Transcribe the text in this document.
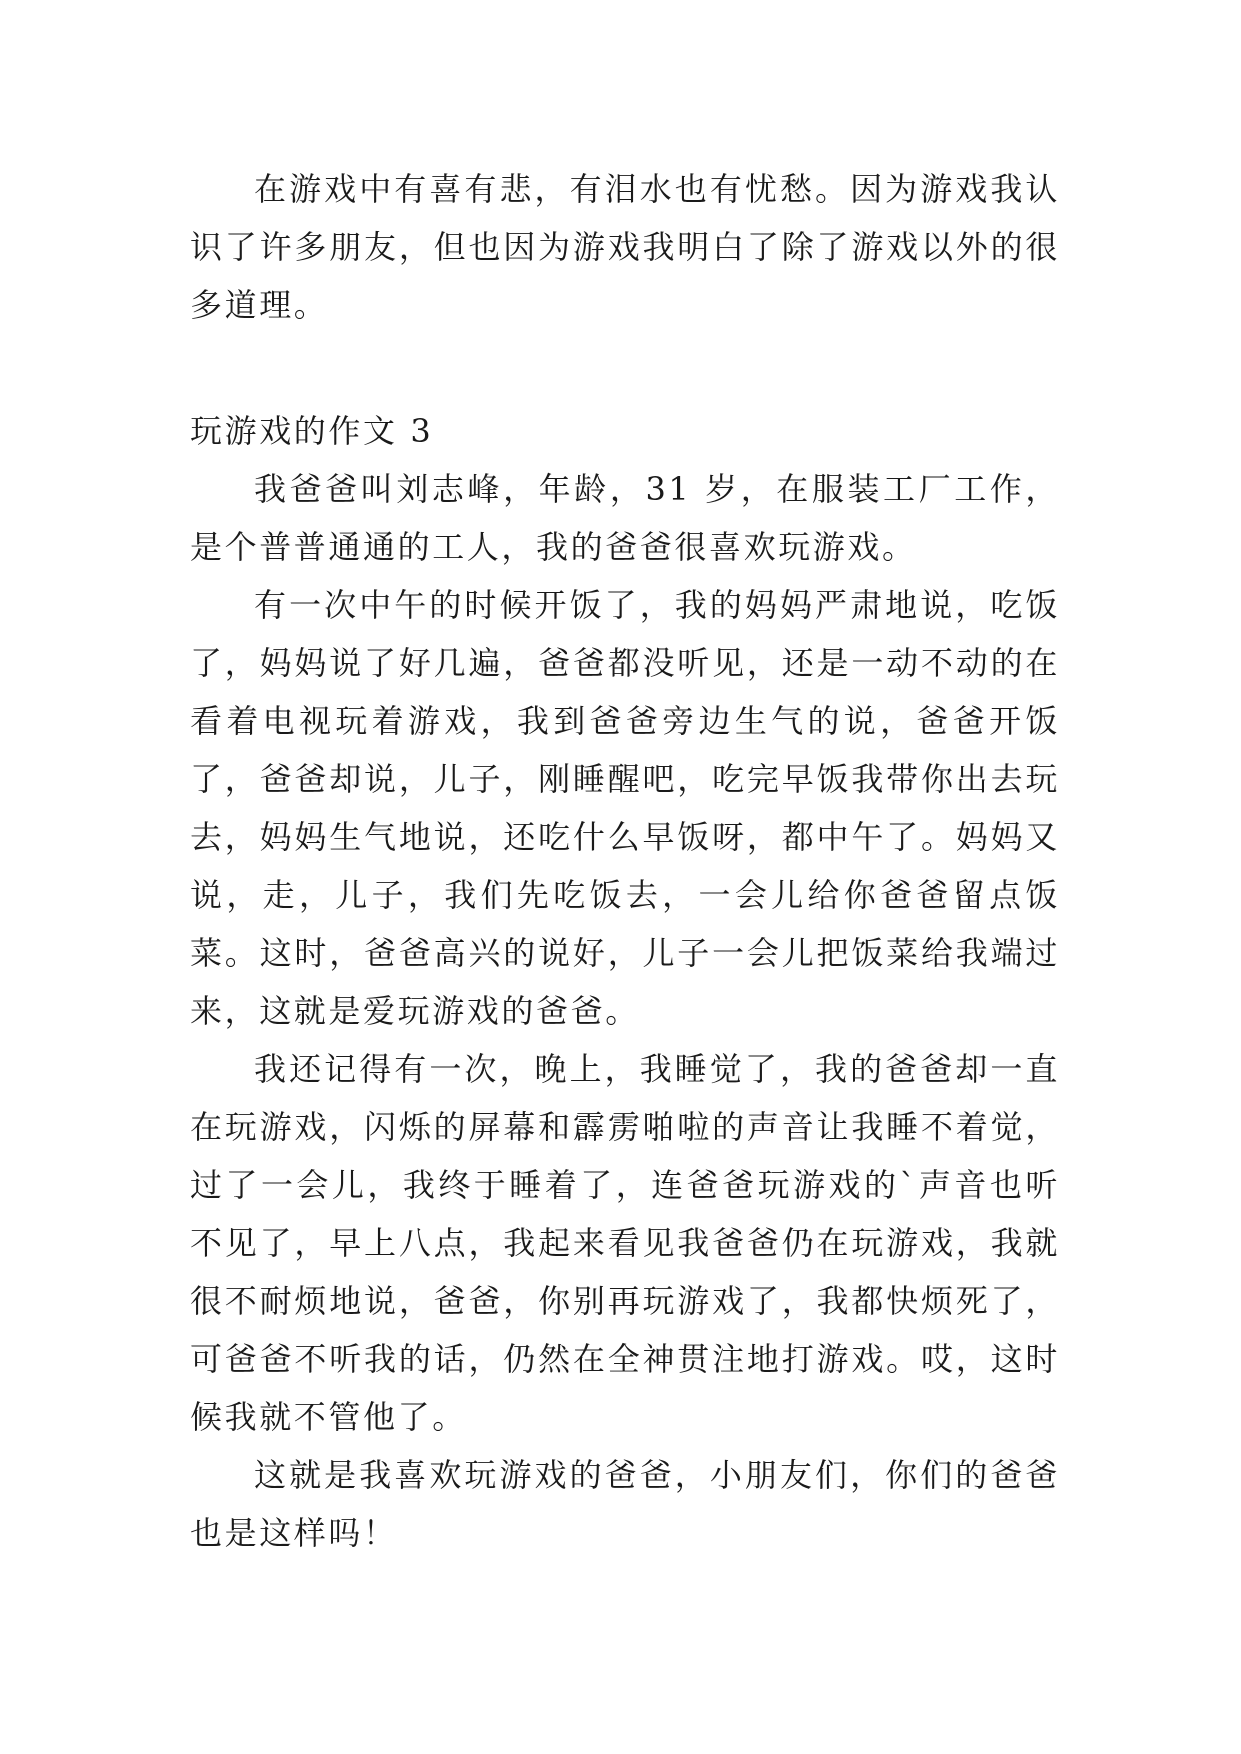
在游戏中有喜有悲，有泪水也有忧愁。因为游戏我认识了许多朋友，但也因为游戏我明白了除了游戏以外的很多道理。

玩游戏的作文 3

我爸爸叫刘志峰，年龄，31 岁，在服装工厂工作，是个普普通通的工人，我的爸爸很喜欢玩游戏。

有一次中午的时候开饭了，我的妈妈严肃地说，吃饭了，妈妈说了好几遍，爸爸都没听见，还是一动不动的在看着电视玩着游戏，我到爸爸旁边生气的说，爸爸开饭了，爸爸却说，儿子，刚睡醒吧，吃完早饭我带你出去玩去，妈妈生气地说，还吃什么早饭呀，都中午了。妈妈又说，走，儿子，我们先吃饭去，一会儿给你爸爸留点饭菜。这时，爸爸高兴的说好，儿子一会儿把饭菜给我端过来，这就是爱玩游戏的爸爸。

我还记得有一次，晚上，我睡觉了，我的爸爸却一直在玩游戏，闪烁的屏幕和霹雳啪啦的声音让我睡不着觉，过了一会儿，我终于睡着了，连爸爸玩游戏的`声音也听不见了，早上八点，我起来看见我爸爸仍在玩游戏，我就很不耐烦地说，爸爸，你别再玩游戏了，我都快烦死了，可爸爸不听我的话，仍然在全神贯注地打游戏。哎，这时候我就不管他了。

这就是我喜欢玩游戏的爸爸，小朋友们，你们的爸爸也是这样吗！
